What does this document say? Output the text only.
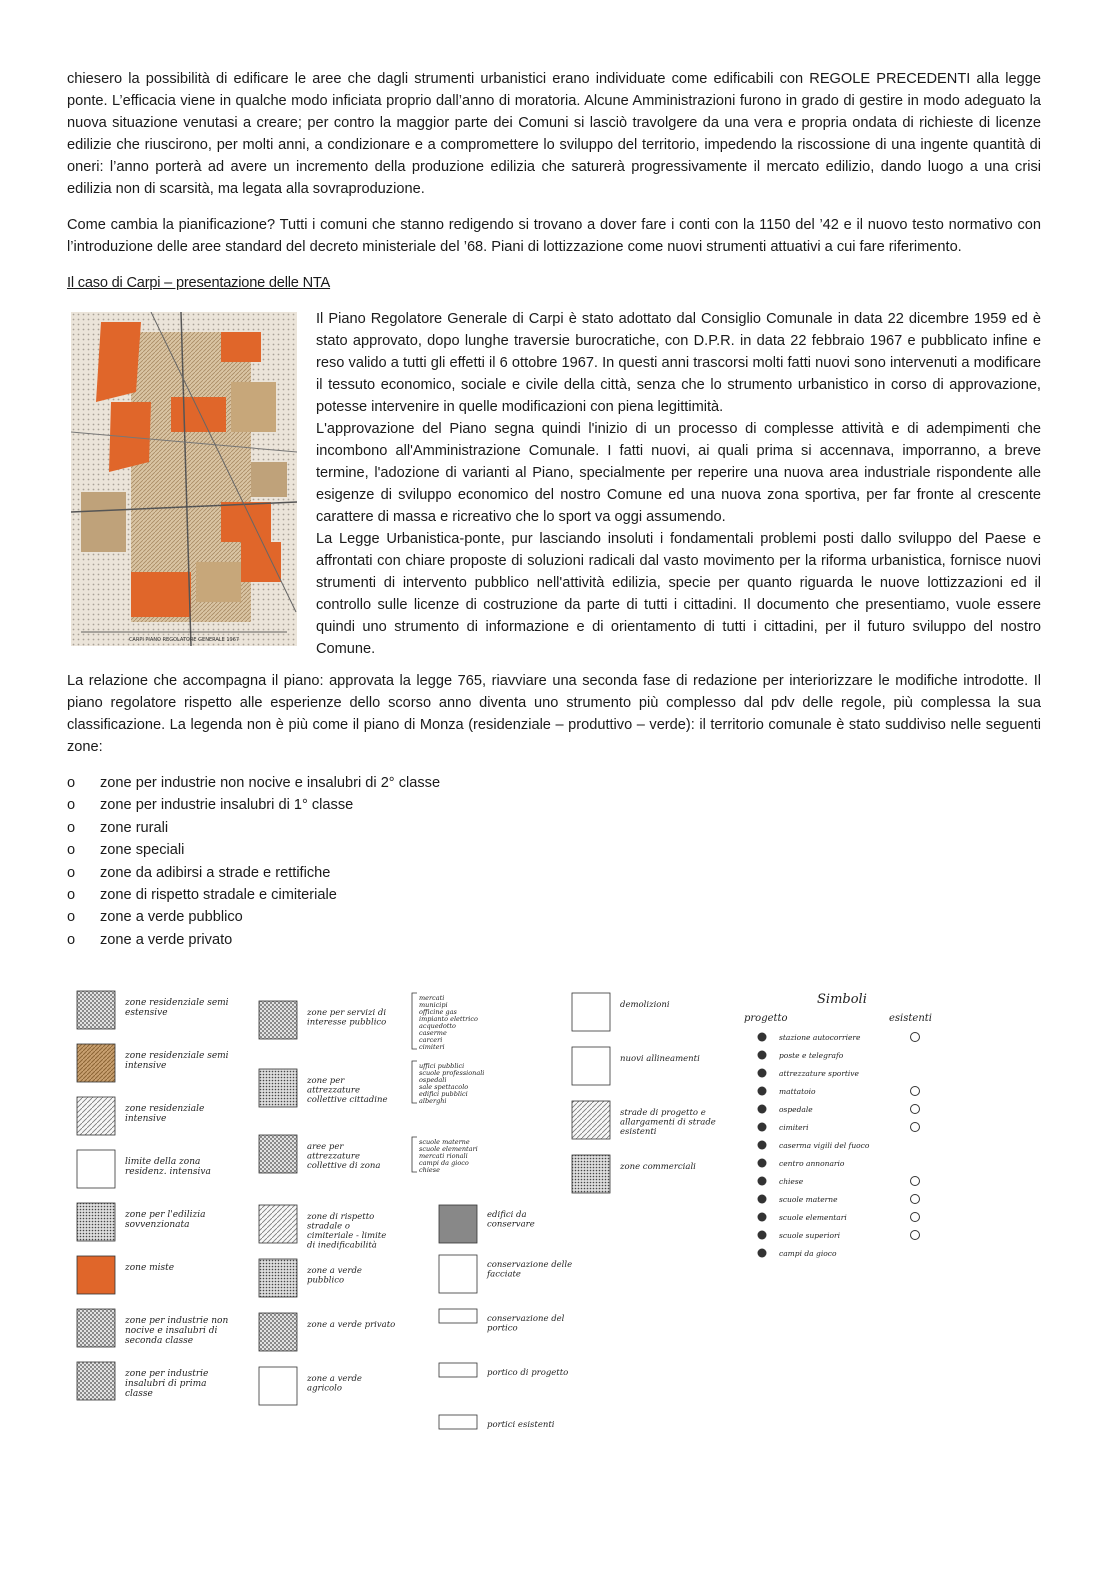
chiesero la possibilità di edificare le aree che dagli strumenti urbanistici erano individuate come edificabili con REGOLE PRECEDENTI alla legge ponte. L’efficacia viene in qualche modo inficiata proprio dall’anno di moratoria. Alcune Amministrazioni furono in grado di gestire in modo adeguato la nuova situazione venutasi a creare; per contro la maggior parte dei Comuni si lasciò travolgere da una vera e propria ondata di richieste di licenze edilizie che riuscirono, per molti anni, a condizionare e a compromettere lo sviluppo del territorio, impedendo la riscossione di una ingente quantità di oneri: l’anno porterà ad avere un incremento della produzione edilizia che saturerà progressivamente il mercato edilizio, dando luogo a una crisi edilizia non di scarsità, ma legata alla sovraproduzione.

Come cambia la pianificazione? Tutti i comuni che stanno redigendo si trovano a dover fare i conti con la 1150 del ’42 e il nuovo testo normativo con l’introduzione delle aree standard del decreto ministeriale del ’68. Piani di lottizzazione come nuovi strumenti attuativi a cui fare riferimento.

Il caso di Carpi – presentazione delle NTA
CARPI PIANO REGOLATORE GENERALE 1967

Il Piano Regolatore Generale di Carpi è stato adottato dal Consiglio Comunale in data 22 dicembre 1959 ed è stato approvato, dopo lunghe traversie burocratiche, con D.P.R. in data 22 febbraio 1967 e pubblicato infine e reso valido a tutti gli effetti il 6 ottobre 1967. In questi anni trascorsi molti fatti nuovi sono intervenuti a modificare il tessuto economico, sociale e civile della città, senza che lo strumento urbanistico in corso di approvazione, potesse intervenire in quelle modificazioni con piena legittimità.

L'approvazione del Piano segna quindi l'inizio di un processo di complesse attività e di adempimenti che incombono all'Amministrazione Comunale. I fatti nuovi, ai quali prima si accennava, imporranno, a breve termine, l'adozione di varianti al Piano, specialmente per reperire una nuova area industriale rispondente alle esigenze di sviluppo economico del nostro Comune ed una nuova zona sportiva, per far fronte al crescente carattere di massa e ricreativo che lo sport va oggi assumendo.

La Legge Urbanistica-ponte, pur lasciando insoluti i fondamentali problemi posti dallo sviluppo del Paese e affrontati con chiare proposte di soluzioni radicali dal vasto movimento per la riforma urbanistica, fornisce nuovi strumenti di intervento pubblico nell'attività edilizia, specie per quanto riguarda le nuove lottizzazioni ed il controllo sulle licenze di costruzione da parte di tutti i cittadini. Il documento che presentiamo, vuole essere quindi uno strumento di informazione e di orientamento di tutti i cittadini, per il futuro sviluppo del nostro Comune.

La relazione che accompagna il piano: approvata la legge 765, riavviare una seconda fase di redazione per interiorizzare le modifiche introdotte. Il piano regolatore rispetto alle esperienze dello scorso anno diventa uno strumento più complesso dal pdv delle regole, più complessa la sua classificazione. La legenda non è più come il piano di Monza (residenziale – produttivo – verde): il territorio comunale è stato suddiviso nelle seguenti zone:

o zone per industrie non nocive e insalubri di 2° classe
o zone per industrie insalubri di 1° classe
o zone rurali
o zone speciali
o zone da adibirsi a strade e rettifiche
o zone di rispetto stradale e cimiteriale
o zone a verde pubblico
o zone a verde privato
zone residenziale semi estensive
zone residenziale semi intensive
zone residenziale intensive
limite della zona residenz. intensiva
zone per l'edilizia sovvenzionata
zone miste
zone per industrie non nocive e insalubri di seconda classe
zone per industrie insalubri di prima classe
zone per servizi di interesse pubblico
zone per attrezzature collettive cittadine
aree per attrezzature collettive di zona
zone di rispetto stradale o cimiteriale - limite di inedificabilità
zone a verde pubblico
zone a verde privato
zone a verde agricolo
mercati
municipi
officine gas
impianto elettrico
acquedotto
caserme
carceri
cimiteri
uffici pubblici
scuole professionali
ospedali
sale spettacolo
edifici pubblici
alberghi
scuole materne
scuole elementari
mercati rionali
campi da gioco
chiese
demolizioni
nuovi allineamenti
strade di progetto e allargamenti di strade esistenti
zone commerciali
edifici da conservare
conservazione delle facciate
conservazione del portico
portico di progetto
portici esistenti
Simboli
progetto	esistenti
stazione autocorriere
poste e telegrafo
attrezzature sportive
mattatoio
ospedale
cimiteri
caserma vigili del fuoco
centro annonario
chiese
scuole materne
scuole elementari
scuole superiori
campi da gioco
